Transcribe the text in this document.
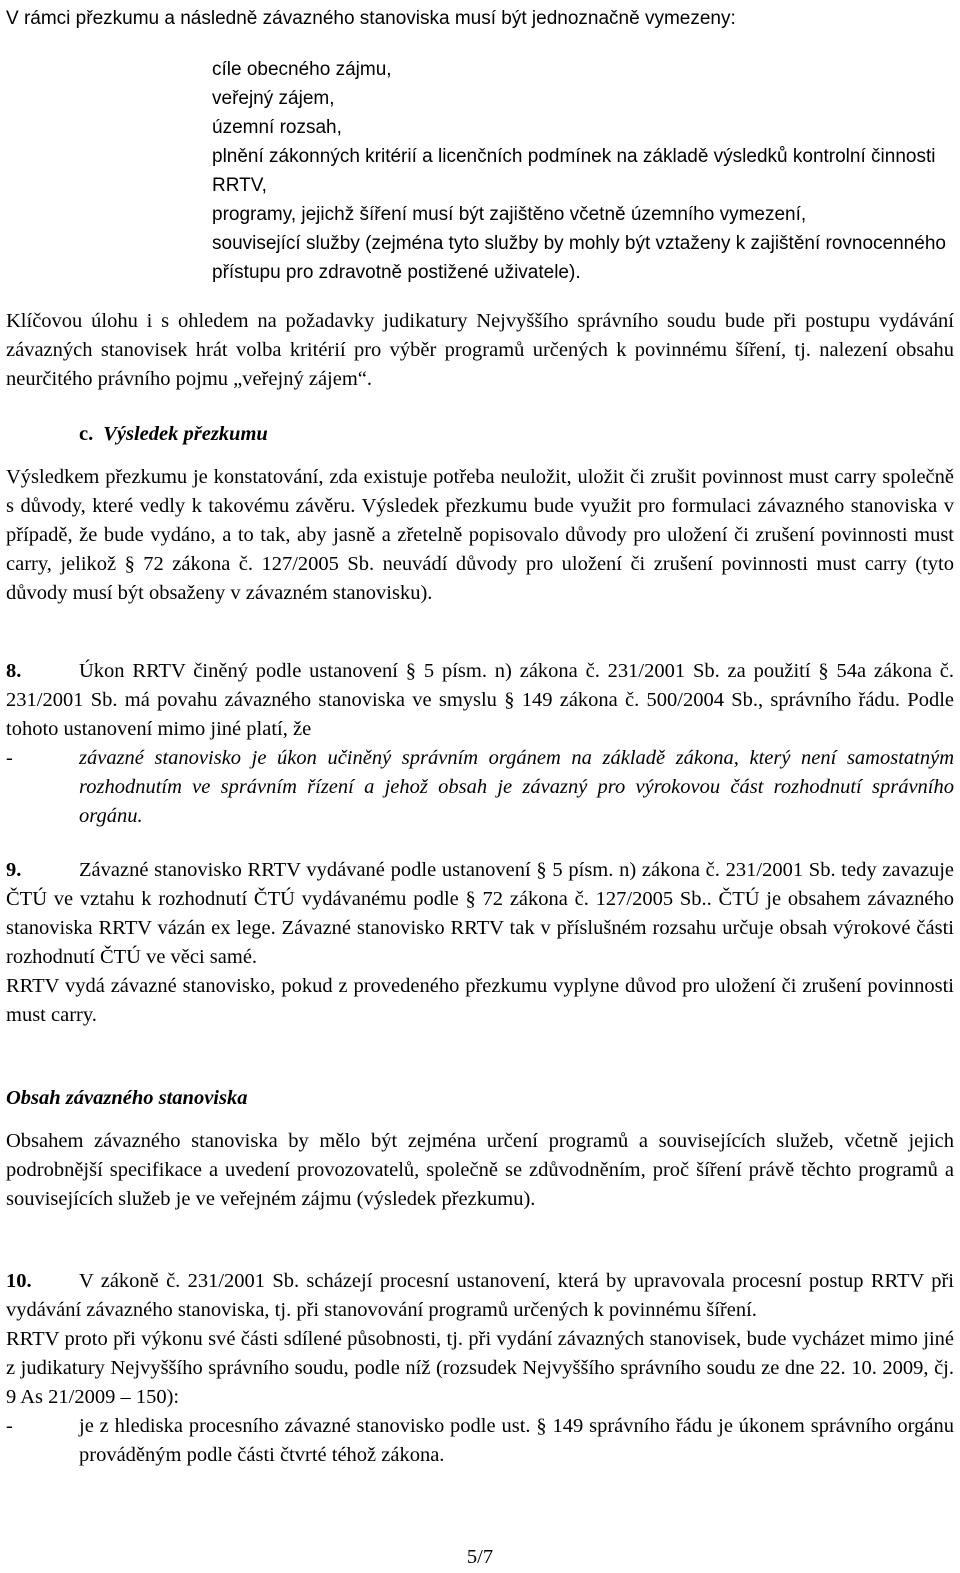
V rámci přezkumu a následně závazného stanoviska musí být jednoznačně vymezeny:
cíle obecného zájmu,
veřejný zájem,
územní rozsah,
plnění zákonných kritérií a licenčních podmínek na základě výsledků kontrolní činnosti RRTV,
programy, jejichž šíření musí být zajištěno včetně územního vymezení,
související služby (zejména tyto služby by mohly být vztaženy k zajištění rovnocenného přístupu pro zdravotně postižené uživatele).

Klíčovou úlohu i s ohledem na požadavky judikatury Nejvyššího správního soudu bude při postupu vydávání závazných stanovisek hrát volba kritérií pro výběr programů určených k povinnému šíření, tj. nalezení obsahu neurčitého právního pojmu „veřejný zájem“.

c. Výsledek přezkumu

Výsledkem přezkumu je konstatování, zda existuje potřeba neuložit, uložit či zrušit povinnost must carry společně s důvody, které vedly k takovému závěru. Výsledek přezkumu bude využit pro formulaci závazného stanoviska v případě, že bude vydáno, a to tak, aby jasně a zřetelně popisovalo důvody pro uložení či zrušení povinnosti must carry, jelikož § 72 zákona č. 127/2005 Sb. neuvádí důvody pro uložení či zrušení povinnosti must carry (tyto důvody musí být obsaženy v závazném stanovisku).

8.	Úkon RRTV činěný podle ustanovení § 5 písm. n) zákona č. 231/2001 Sb. za použití § 54a zákona č. 231/2001 Sb. má povahu závazného stanoviska ve smyslu § 149 zákona č. 500/2004 Sb., správního řádu. Podle tohoto ustanovení mimo jiné platí, že

-	závazné stanovisko je úkon učiněný správním orgánem na základě zákona, který není samostatným rozhodnutím ve správním řízení a jehož obsah je závazný pro výrokovou část rozhodnutí správního orgánu.

9.	Závazné stanovisko RRTV vydávané podle ustanovení § 5 písm. n) zákona č. 231/2001 Sb. tedy zavazuje ČTÚ ve vztahu k rozhodnutí ČTÚ vydávanému podle § 72 zákona č. 127/2005 Sb.. ČTÚ je obsahem závazného stanoviska RRTV vázán ex lege. Závazné stanovisko RRTV tak v příslušném rozsahu určuje obsah výrokové části rozhodnutí ČTÚ ve věci samé.

RRTV vydá závazné stanovisko, pokud z provedeného přezkumu vyplyne důvod pro uložení či zrušení povinnosti must carry.

Obsah závazného stanoviska

Obsahem závazného stanoviska by mělo být zejména určení programů a souvisejících služeb, včetně jejich podrobnější specifikace a uvedení provozovatelů, společně se zdůvodněním, proč šíření právě těchto programů a souvisejících služeb je ve veřejném zájmu (výsledek přezkumu).

10. V zákoně č. 231/2001 Sb. scházejí procesní ustanovení, která by upravovala procesní postup RRTV při vydávání závazného stanoviska, tj. při stanovování programů určených k povinnému šíření.

RRTV proto při výkonu své části sdílené působnosti, tj. při vydání závazných stanovisek, bude vycházet mimo jiné z judikatury Nejvyššího správního soudu, podle níž (rozsudek Nejvyššího správního soudu ze dne 22. 10. 2009, čj. 9 As 21/2009 – 150):

-	je z hlediska procesního závazné stanovisko podle ust. § 149 správního řádu je úkonem správního orgánu prováděným podle části čtvrté téhož zákona.
5/7
